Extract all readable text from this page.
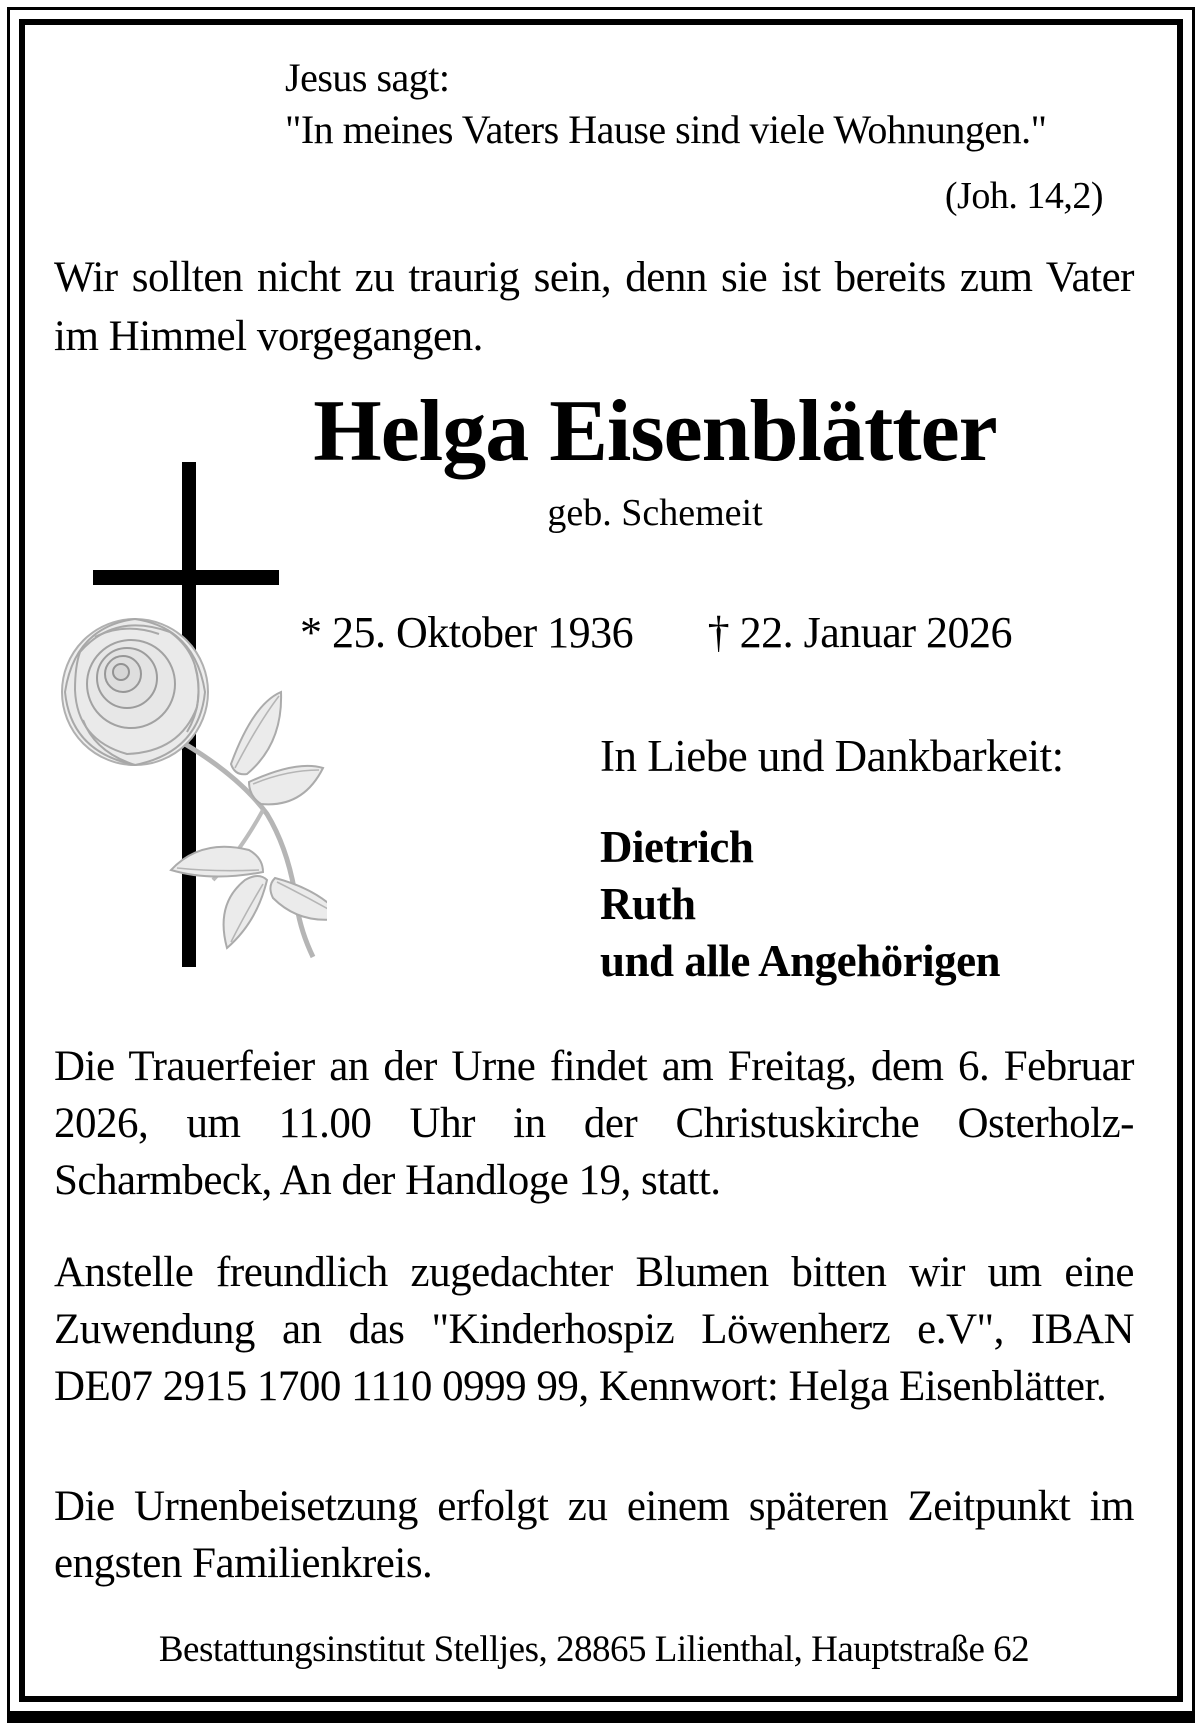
Jesus sagt:
"In meines Vaters Hause sind viele Wohnungen."
(Joh. 14,2)
Wir sollten nicht zu traurig sein, denn sie ist bereits zum Vater im Himmel vorgegangen.
Helga Eisenblätter
geb. Schemeit
* 25. Oktober 1936 † 22. Januar 2026
In Liebe und Dankbarkeit:
Dietrich
Ruth
und alle Angehörigen
Die Trauerfeier an der Urne findet am Freitag, dem 6. Februar 2026, um 11.00 Uhr in der Christuskirche Osterholz-Scharmbeck, An der Handloge 19, statt.
Anstelle freundlich zugedachter Blumen bitten wir um eine Zuwendung an das "Kinderhospiz Löwenherz e.V", IBAN DE07 2915 1700 1110 0999 99, Kennwort: Helga Eisenblätter.
Die Urnenbeisetzung erfolgt zu einem späteren Zeitpunkt im engsten Familienkreis.
Bestattungsinstitut Stelljes, 28865 Lilienthal, Hauptstraße 62
